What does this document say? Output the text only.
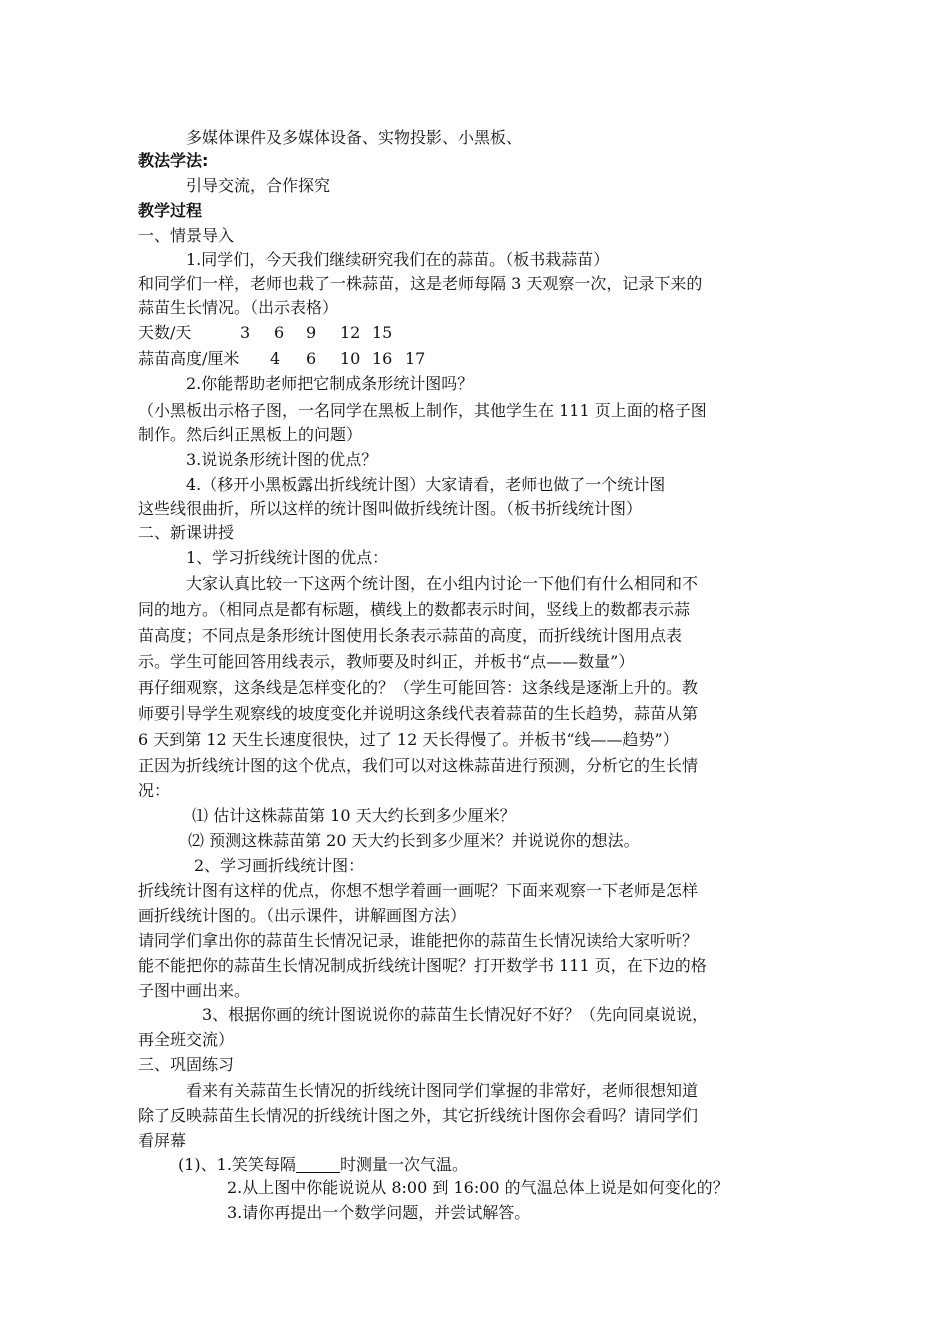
多媒体课件及多媒体设备、实物投影、小黑板、
教法学法:
引导交流，合作探究
教学过程
一、情景导入
1.同学们，今天我们继续研究我们在的蒜苗。（板书栽蒜苗）
和同学们一样，老师也栽了一株蒜苗，这是老师每隔 3 天观察一次，记录下来的
蒜苗生长情况。（出示表格）
天数/天	3 6 9 12 15
蒜苗高度/厘米 4 6 10 16 17
2.你能帮助老师把它制成条形统计图吗？
（小黑板出示格子图，一名同学在黑板上制作，其他学生在 111 页上面的格子图
制作。然后纠正黑板上的问题）
3.说说条形统计图的优点？
4.（移开小黑板露出折线统计图）大家请看，老师也做了一个统计图
这些线很曲折，所以这样的统计图叫做折线统计图。（板书折线统计图）
二、新课讲授
1、学习折线统计图的优点：
大家认真比较一下这两个统计图，在小组内讨论一下他们有什么相同和不
同的地方。（相同点是都有标题，横线上的数都表示时间，竖线上的数都表示蒜
苗高度；不同点是条形统计图使用长条表示蒜苗的高度，而折线统计图用点表
示。学生可能回答用线表示，教师要及时纠正，并板书“点——数量”）
再仔细观察，这条线是怎样变化的？（学生可能回答：这条线是逐渐上升的。教
师要引导学生观察线的坡度变化并说明这条线代表着蒜苗的生长趋势，蒜苗从第
6 天到第 12 天生长速度很快，过了 12 天长得慢了。并板书“线——趋势”）
正因为折线统计图的这个优点，我们可以对这株蒜苗进行预测，分析它的生长情
况：
⑴ 估计这株蒜苗第 10 天大约长到多少厘米？
⑵ 预测这株蒜苗第 20 天大约长到多少厘米？并说说你的想法。
2、学习画折线统计图：
折线统计图有这样的优点，你想不想学着画一画呢？下面来观察一下老师是怎样
画折线统计图的。（出示课件，讲解画图方法）
请同学们拿出你的蒜苗生长情况记录，谁能把你的蒜苗生长情况读给大家听听？
能不能把你的蒜苗生长情况制成折线统计图呢？打开数学书 111 页，在下边的格
子图中画出来。
3、根据你画的统计图说说你的蒜苗生长情况好不好？（先向同桌说说，
再全班交流）
三、巩固练习
看来有关蒜苗生长情况的折线统计图同学们掌握的非常好，老师很想知道
除了反映蒜苗生长情况的折线统计图之外，其它折线统计图你会看吗？请同学们
看屏幕
(1)、1.笑笑每隔	时测量一次气温。
2.从上图中你能说说从 8:00 到 16:00 的气温总体上说是如何变化的？
3.请你再提出一个数学问题，并尝试解答。
